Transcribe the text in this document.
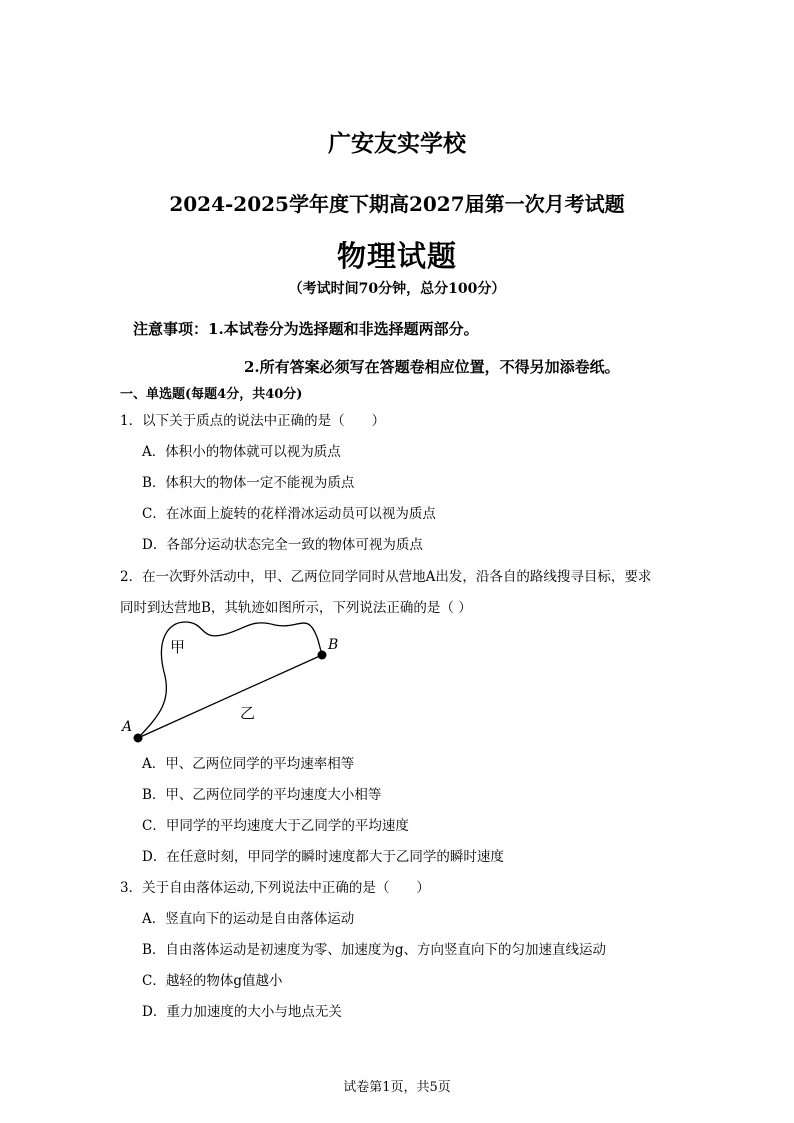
广安友实学校
2024-2025学年度下期高2027届第一次月考试题
物理试题
（考试时间70分钟，总分100分）
注意事项：1.本试卷分为选择题和非选择题两部分。
2.所有答案必须写在答题卷相应位置，不得另加添卷纸。
一、单选题(每题4分，共40分)
1．以下关于质点的说法中正确的是（　　）
A．体积小的物体就可以视为质点
B．体积大的物体一定不能视为质点
C．在冰面上旋转的花样滑冰运动员可以视为质点
D．各部分运动状态完全一致的物体可视为质点
2．在一次野外活动中，甲、乙两位同学同时从营地A出发，沿各自的路线搜寻目标，要求
同时到达营地B，其轨迹如图所示，下列说法正确的是（ ）
A
B
甲
乙
A．甲、乙两位同学的平均速率相等
B．甲、乙两位同学的平均速度大小相等
C．甲同学的平均速度大于乙同学的平均速度
D．在任意时刻，甲同学的瞬时速度都大于乙同学的瞬时速度
3．关于自由落体运动,下列说法中正确的是（　　）
A．竖直向下的运动是自由落体运动
B．自由落体运动是初速度为零、加速度为g、方向竖直向下的匀加速直线运动
C．越轻的物体g值越小
D．重力加速度的大小与地点无关
试卷第1页，共5页
